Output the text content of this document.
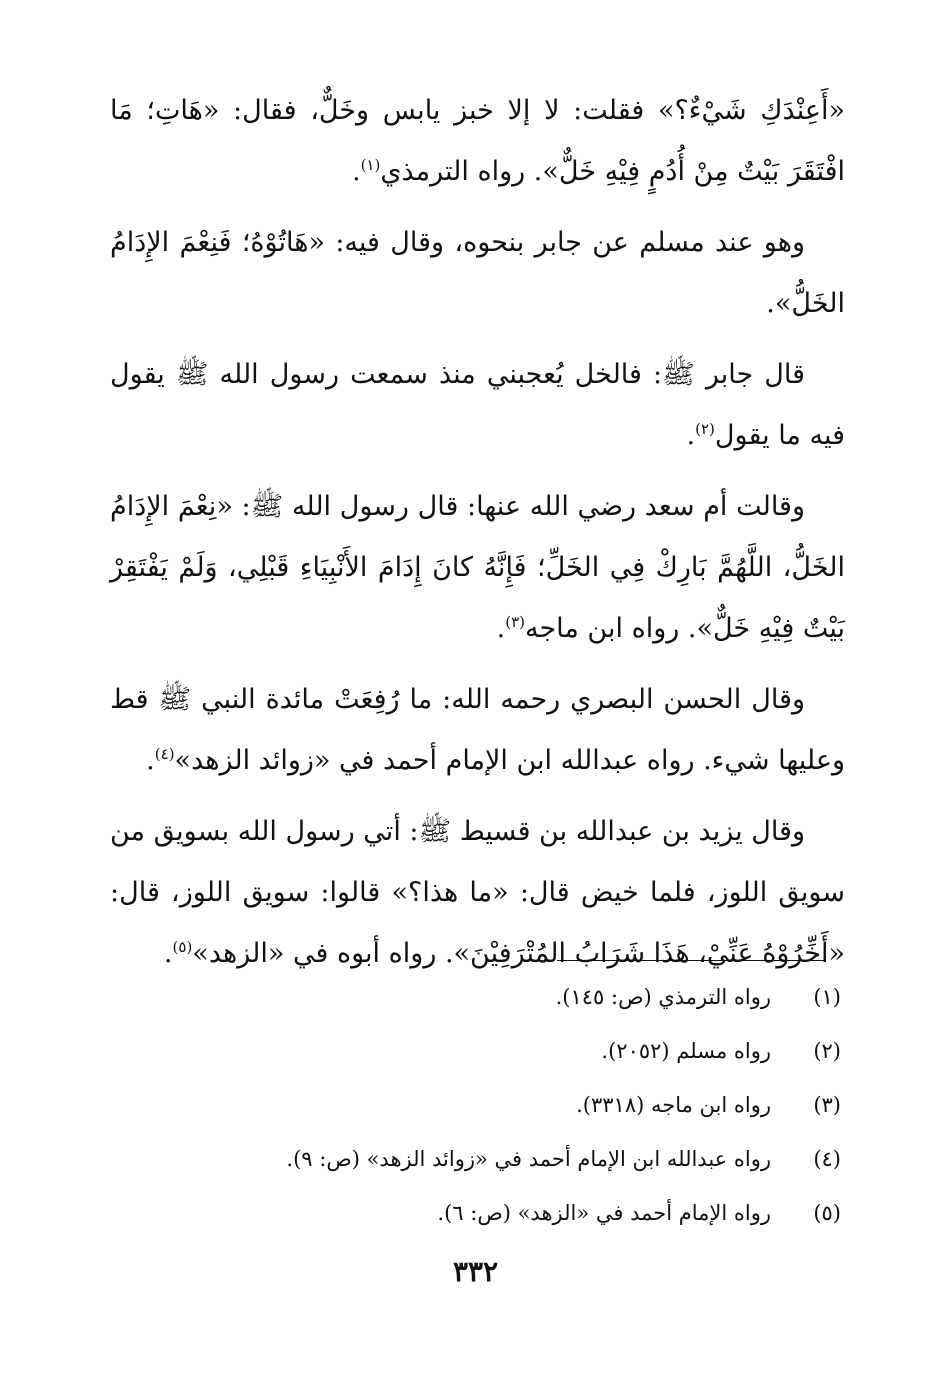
«أَعِنْدَكِ شَيْءٌ؟» فقلت: لا إلا خبز يابس وخَلٌّ، فقال: «هَاتِ؛ مَا افْتَقَرَ بَيْتٌ مِنْ أُدُمٍ فِيْهِ خَلٌّ». رواه الترمذي$^{(١)}$.

وهو عند مسلم عن جابر بنحوه، وقال فيه: «هَاتُوْهُ؛ فَنِعْمَ الإِدَامُ الخَلُّ».

قال جابر ﷺ: فالخل يُعجبني منذ سمعت رسول الله ﷺ يقول فيه ما يقول$^{(٢)}$.

وقالت أم سعد رضي الله عنها: قال رسول الله ﷺ: «نِعْمَ الإِدَامُ الخَلُّ، اللَّهُمَّ بَارِكْ فِي الخَلِّ؛ فَإِنَّهُ كانَ إِدَامَ الأَنْبِيَاءِ قَبْلِي، وَلَمْ يَفْتَقِرْ بَيْتٌ فِيْهِ خَلٌّ». رواه ابن ماجه$^{(٣)}$.

وقال الحسن البصري رحمه الله: ما رُفِعَتْ مائدة النبي ﷺ قط وعليها شيء. رواه عبدالله ابن الإمام أحمد في «زوائد الزهد»$^{(٤)}$.

وقال يزيد بن عبدالله بن قسيط ﷺ: أتي رسول الله بسويق من سويق اللوز، فلما خيض قال: «ما هذا؟» قالوا: سويق اللوز، قال: «أَخِّرُوْهُ عَنِّيْ، هَذَا شَرَابُ المُتْرَفِيْنَ». رواه أبوه في «الزهد»$^{(٥)}$.

(١)
رواه الترمذي (ص: ١٤٥).
(٢)
رواه مسلم (٢٠٥٢).
(٣)
رواه ابن ماجه (٣٣١٨).
(٤)
رواه عبدالله ابن الإمام أحمد في «زوائد الزهد» (ص: ٩).
(٥)
رواه الإمام أحمد في «الزهد» (ص: ٦).
٣٣٢
